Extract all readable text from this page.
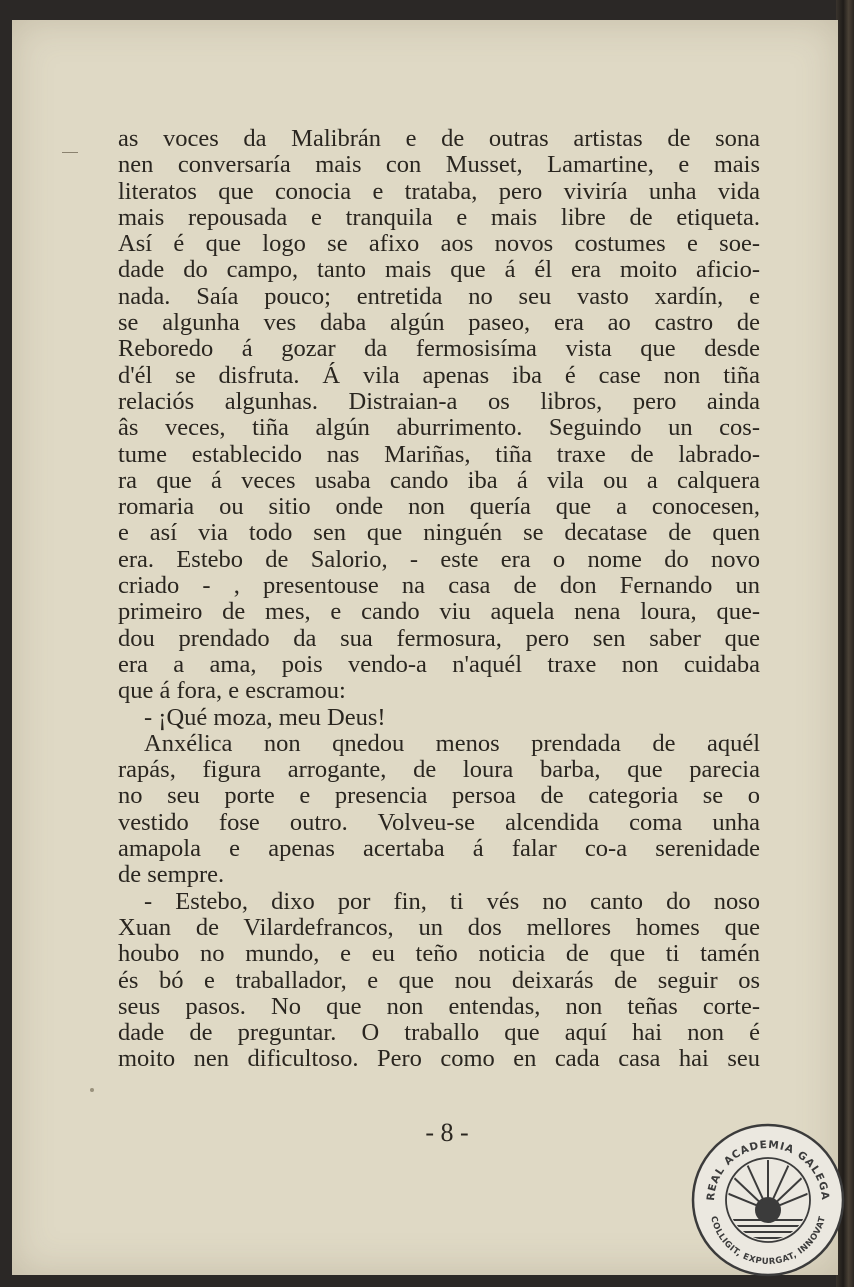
as voces da Malibrán e de outras artistas de sona
nen conversaría mais con Musset, Lamartine, e mais
literatos que conocia e trataba, pero viviría unha vida
mais repousada e tranquila e mais libre de etiqueta.
Así é que logo se afixo aos novos costumes e soe-
dade do campo, tanto mais que á él era moito aficio-
nada. Saía pouco; entretida no seu vasto xardín, e
se algunha ves daba algún paseo, era ao castro de
Reboredo á gozar da fermosisíma vista que desde
d'él se disfruta. Á vila apenas iba é case non tiña
relaciós algunhas. Distraian-a os libros, pero ainda
âs veces, tiña algún aburrimento. Seguindo un cos-
tume establecido nas Mariñas, tiña traxe de labrado-
ra que á veces usaba cando iba á vila ou a calquera
romaria ou sitio onde non quería que a conocesen,
e así via todo sen que ninguén se decatase de quen
era. Estebo de Salorio, - este era o nome do novo
criado - , presentouse na casa de don Fernando un
primeiro de mes, e cando viu aquela nena loura, que-
dou prendado da sua fermosura, pero sen saber que
era a ama, pois vendo-a n'aquél traxe non cuidaba
que á fora, e escramou:
- ¡Qué moza, meu Deus!
Anxélica non qnedou menos prendada de aquél
rapás, figura arrogante, de loura barba, que parecia
no seu porte e presencia persoa de categoria se o
vestido fose outro. Volveu-se alcendida coma unha
amapola e apenas acertaba á falar co-a serenidade
de sempre.
- Estebo, dixo por fin, ti vés no canto do noso
Xuan de Vilardefrancos, un dos mellores homes que
houbo no mundo, e eu teño noticia de que ti tamén
és bó e traballador, e que nou deixarás de seguir os
seus pasos. No que non entendas, non teñas corte-
dade de preguntar. O traballo que aquí hai non é
moito nen dificultoso. Pero como en cada casa hai seu
- 8 -
REAL ACADEMIA GALEGA
COLLIGIT, EXPURGAT, INNOVAT
